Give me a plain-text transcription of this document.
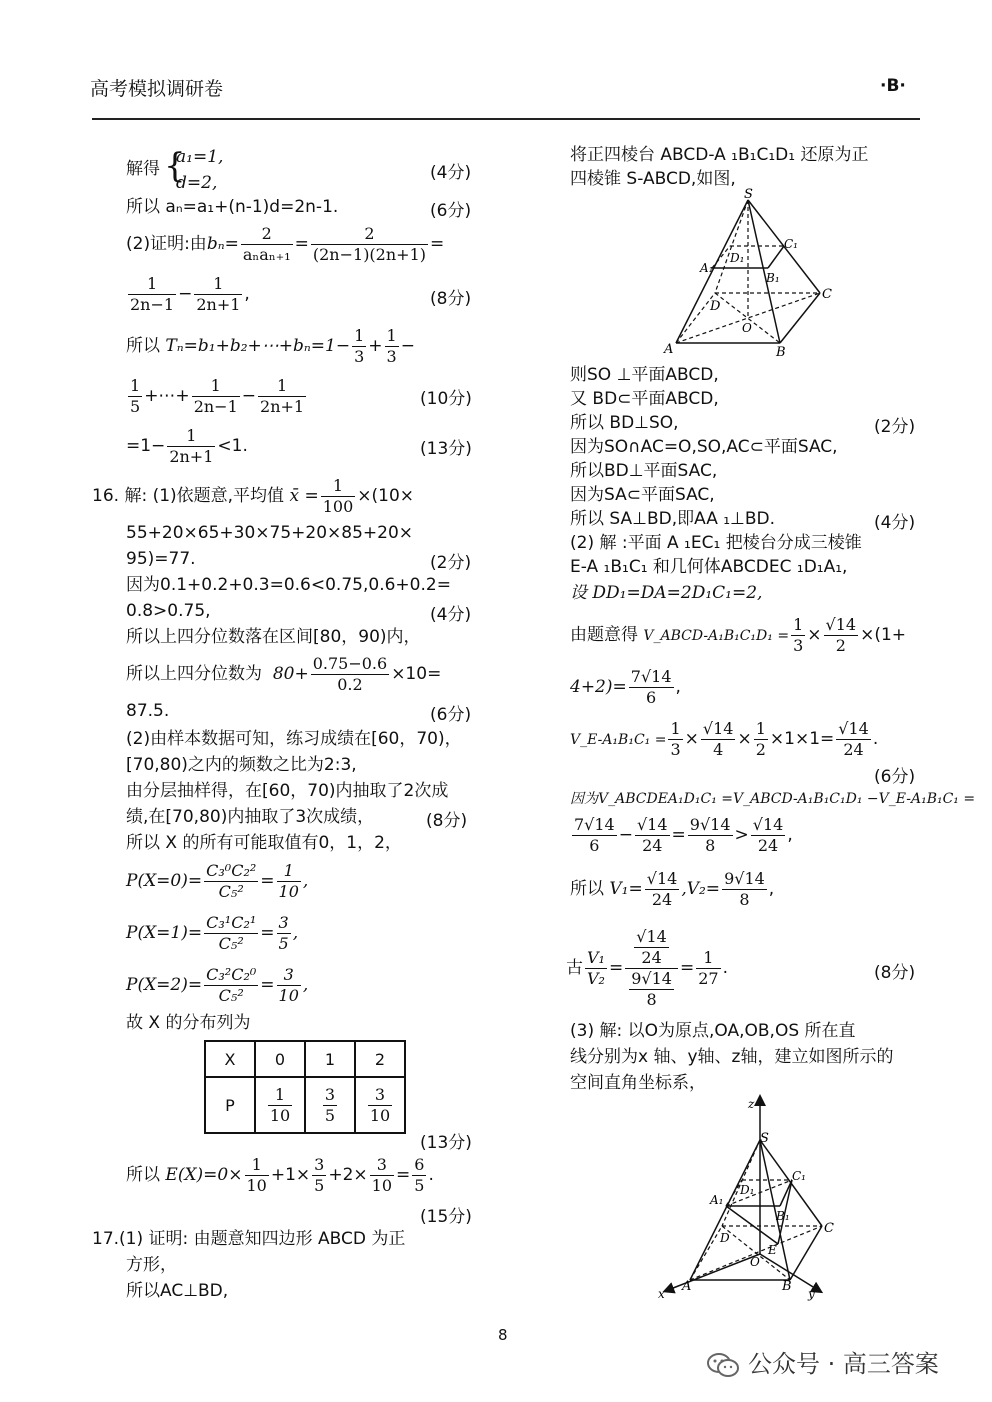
高考模拟调研卷	·B·
解得 {
a₁=1,
d=2,	(4分)
所以 aₙ=a₁+(n-1)d=2n-1.	(6分)
(2)证明:由$b_n= \frac{2}{\text{aₙaₙ₊₁}} = \frac{2}{(2n-1)(2n+1)}$ =
$\frac{1}{2n-1} - \frac{1}{2n+1}$ ,	(8分)
所以 Tₙ=b₁+b₂+⋯+bₙ=1− $\frac{1}{3} + \frac{1}{3}$ −
$\frac{1}{5}$ +⋯+ $\frac{1}{2n-1} - \frac{1}{2n+1}$	(10分)
$=1- \frac{1}{2n+1} <1$.	(13分)
16. 解: (1)依题意,平均值 x̄ = $\frac{1}{100} \times(10\times$
55+20×65+30×75+20×85+20×
95)=77.	(2分)
因为0.1+0.2+0.3=0.6<0.75,0.6+0.2=
0.8>0.75,	(4分)
所以上四分位数落在区间[80，90)内，
所以上四分位数为 $80+ \frac{0.75-0.6}{0.2} \times 10=$
87.5.	(6分)
(2)由样本数据可知，练习成绩在[60，70)，
[70,80)之内的频数之比为2:3,
由分层抽样得，在[60，70)内抽取了2次成
绩,在[70,80)内抽取了3次成绩，	(8分)
所以 X 的所有可能取值有0，1，2，
$P(X=0)= \frac{\text{C₃⁰C₂²}}{\text{C₅²}} = \frac{1}{10}$ ,
$P(X=1)= \frac{\text{C₃¹C₂¹}}{\text{C₅²}} = \frac{3}{5}$ ,
$P(X=2)= \frac{\text{C₃²C₂⁰}}{\text{C₅²}} = \frac{3}{10}$ ,
故 X 的分布列为
X	0	1	2
P	$\frac{1}{10}$	$\frac{3}{5}$	$\frac{3}{10}$
(13分)
所以 $E(X)=0\times \frac{1}{10} +1\times \frac{3}{5} +2\times \frac{3}{10} = \frac{6}{5}$ .
(15分)
17.(1) 证明: 由题意知四边形 ABCD 为正
方形，
所以AC⊥BD,
将正四棱台 ABCD-A ₁B₁C₁D₁ 还原为正
四棱锥 S-ABCD,如图,
S
A	B
C
D
O
A₁
B₁
C₁
D₁
则SO ⊥平面ABCD,
又 BD⊂平面ABCD,
所以 BD⊥SO,	(2分)
因为SO∩AC=O,SO,AC⊂平面SAC,
所以BD⊥平面SAC,
因为SA⊂平面SAC,
所以 SA⊥BD,即AA ₁⊥BD.	(4分)
(2) 解 :平面 A ₁EC₁ 把棱台分成三棱锥
E-A ₁B₁C₁ 和几何体ABCDEC ₁D₁A₁,
设 DD₁=DA=2D₁C₁=2,
由题意得 V_ABCD-A₁B₁C₁D₁ = $\frac{1}{3} \times \frac{√14}{2} \times(1+$
$4+2)= \frac{7√14}{6}$ ,
V_E-A₁B₁C₁ = $\frac{1}{3} \times \frac{√14}{4} \times \frac{1}{2} \times 1\times 1= \frac{√14}{24}$ .
(6分)
因为V_ABCDEA₁D₁C₁ =V_ABCD-A₁B₁C₁D₁ −V_E-A₁B₁C₁ =
$\frac{7√14}{6} - \frac{√14}{24} = \frac{9√14}{8} > \frac{√14}{24}$ ,
所以 $V_1= \frac{√14}{24} ,V_2= \frac{9√14}{8}$ ,
古 $\frac{\text{V₁}}{\text{V₂}} = \frac{\frac{√14}{24}}{\frac{9√14}{8}} = \frac{1}{27}$ .	(8分)
(3) 解: 以O为原点,OA,OB,OS 所在直
线分别为x 轴、y轴、z轴，建立如图所示的
空间直角坐标系，
z
x	y
S
A	B
C
D
O
E
A₁
B₁
C₁
D₁
8
公众号 · 高三答案
